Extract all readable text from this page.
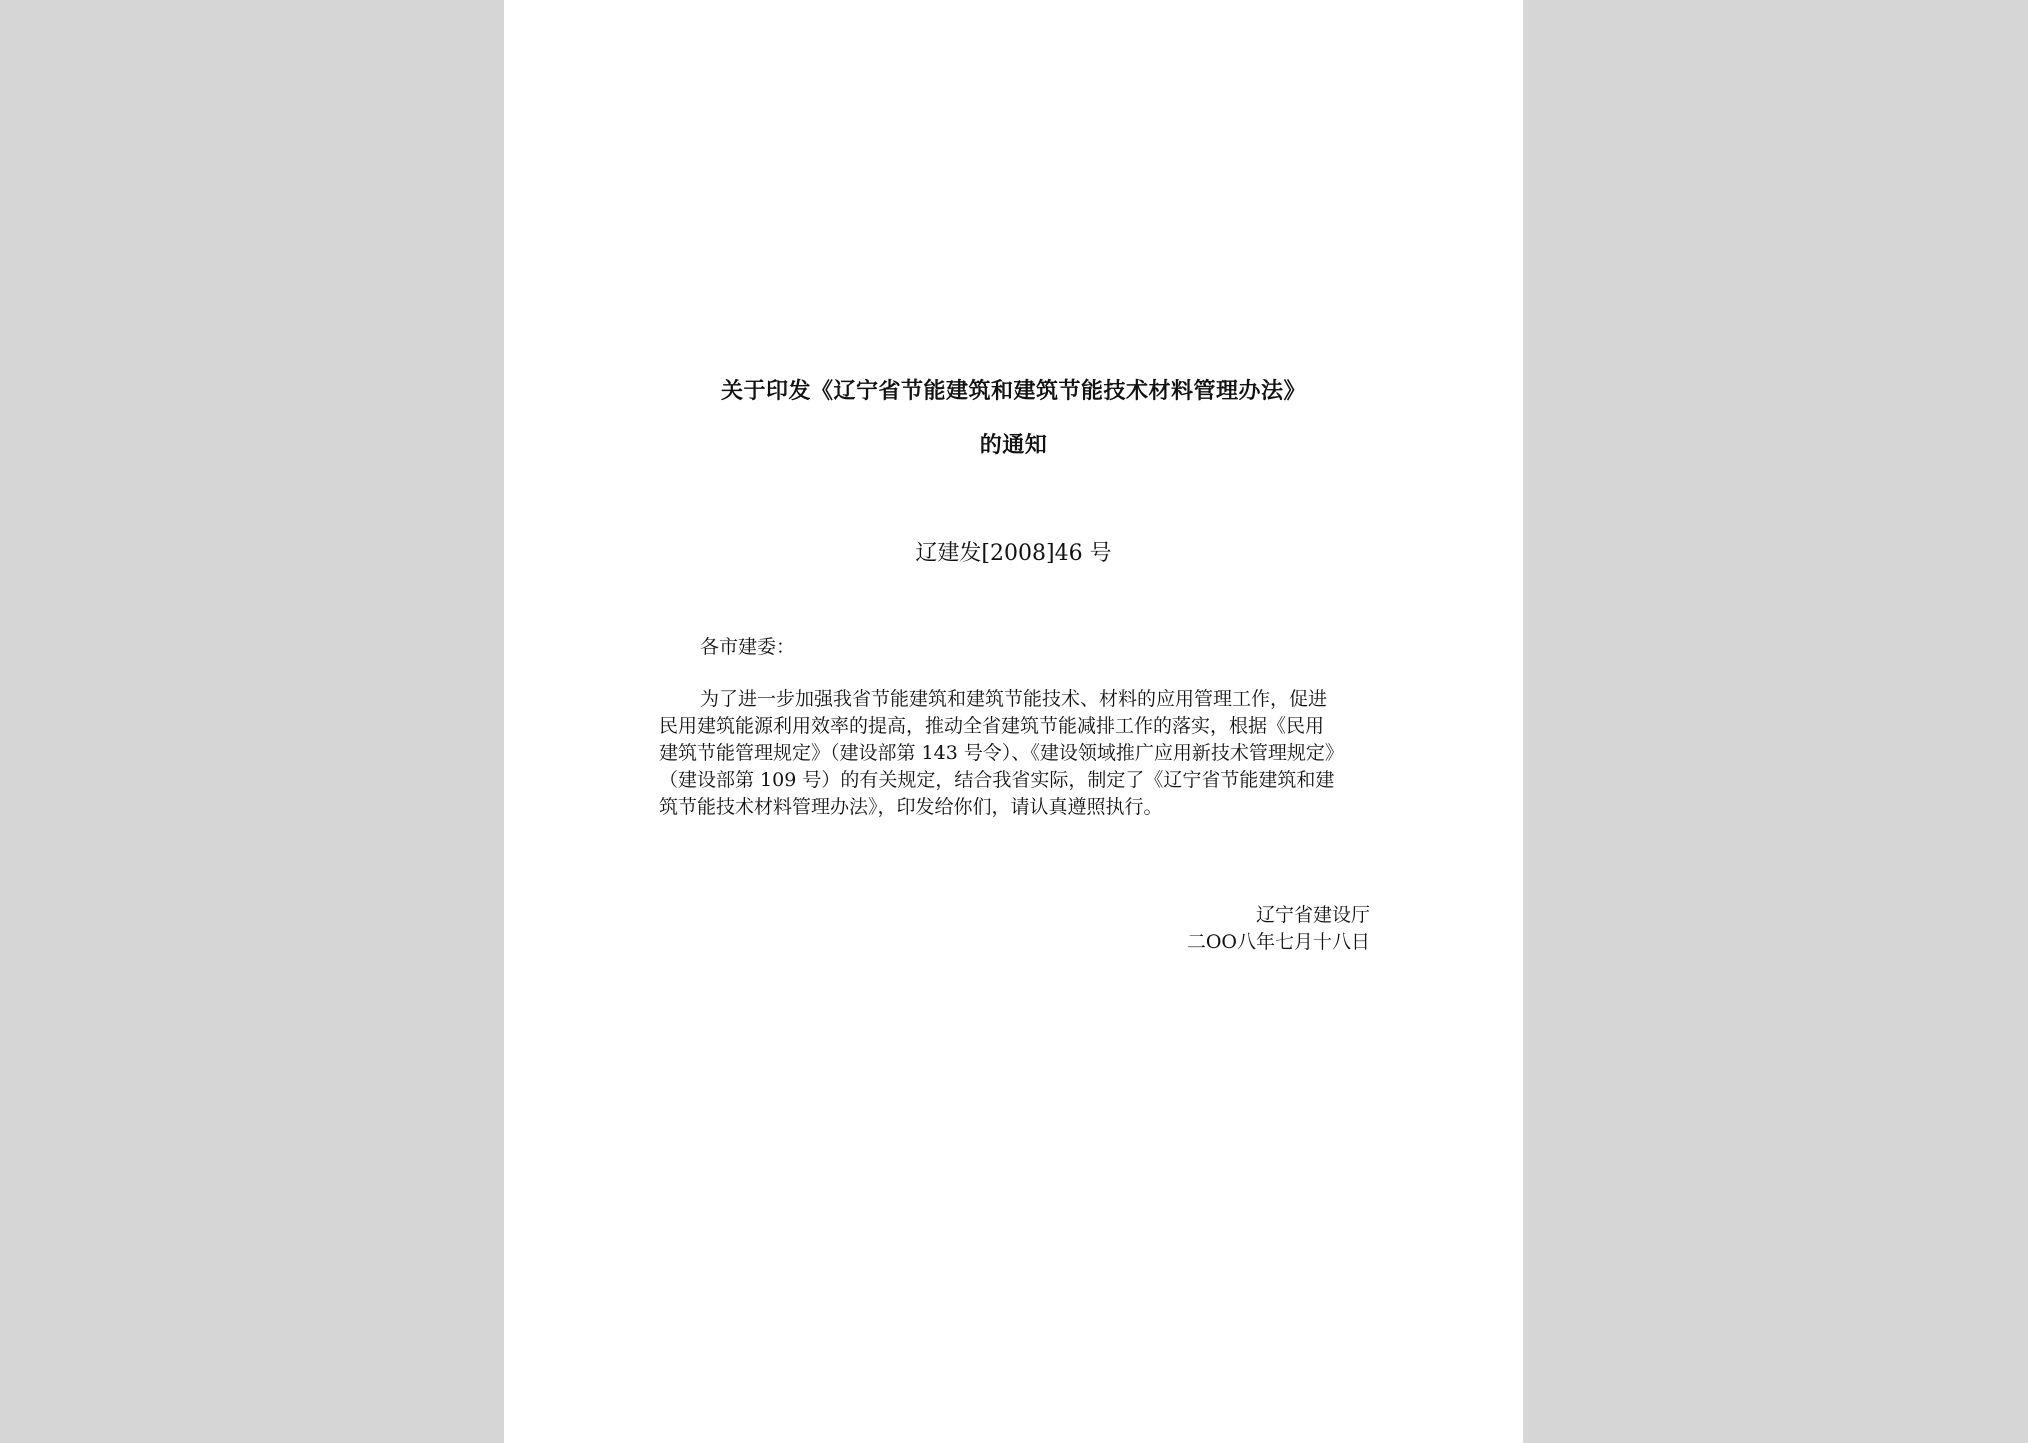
关于印发《辽宁省节能建筑和建筑节能技术材料管理办法》
的通知
辽建发[2008]46 号
各市建委：
为了进一步加强我省节能建筑和建筑节能技术、材料的应用管理工作，促进
民用建筑能源利用效率的提高，推动全省建筑节能减排工作的落实，根据《民用
建筑节能管理规定》（建设部第 143 号令）、《建设领域推广应用新技术管理规定》
（建设部第 109 号）的有关规定，结合我省实际，制定了《辽宁省节能建筑和建
筑节能技术材料管理办法》，印发给你们，请认真遵照执行。
辽宁省建设厅
二OO八年七月十八日
